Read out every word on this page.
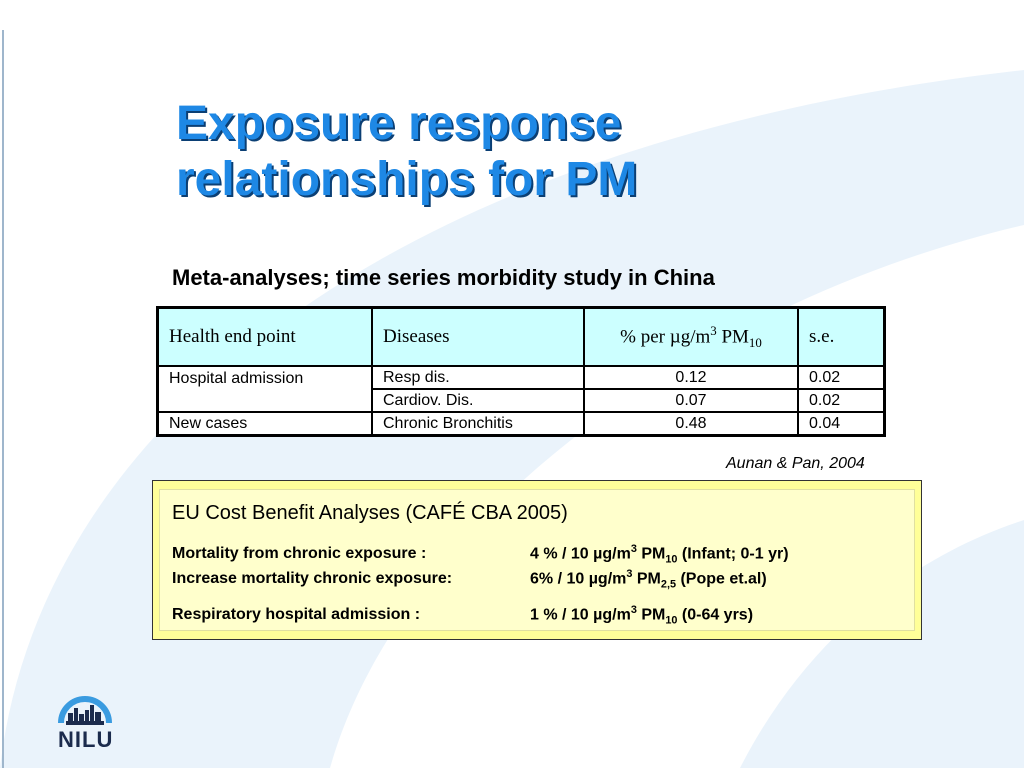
Exposure response
relationships for PM
Meta-analyses; time series morbidity study in China
Health end point	Diseases	% per $\mu g/m^3$ $PM_{10}$	s.e.
Hospital admission	Resp dis.	0.12	0.02
	Cardiov. Dis.	0.07	0.02
New cases	Chronic Bronchitis	0.48	0.04
Aunan & Pan, 2004
EU Cost Benefit Analyses (CAFÉ CBA 2005)
Mortality from chronic exposure :	4 % / 10 $\mu g/m^3$ $PM_{10}$ (Infant; 0-1 yr)
Increase mortality chronic exposure:	6% / 10 $\mu g/m^3$ $PM_{2,5}$ (Pope et.al)
Respiratory hospital admission :	1 % / 10 $\mu g/m^3$ $PM_{10}$ (0-64 yrs)
NILU
